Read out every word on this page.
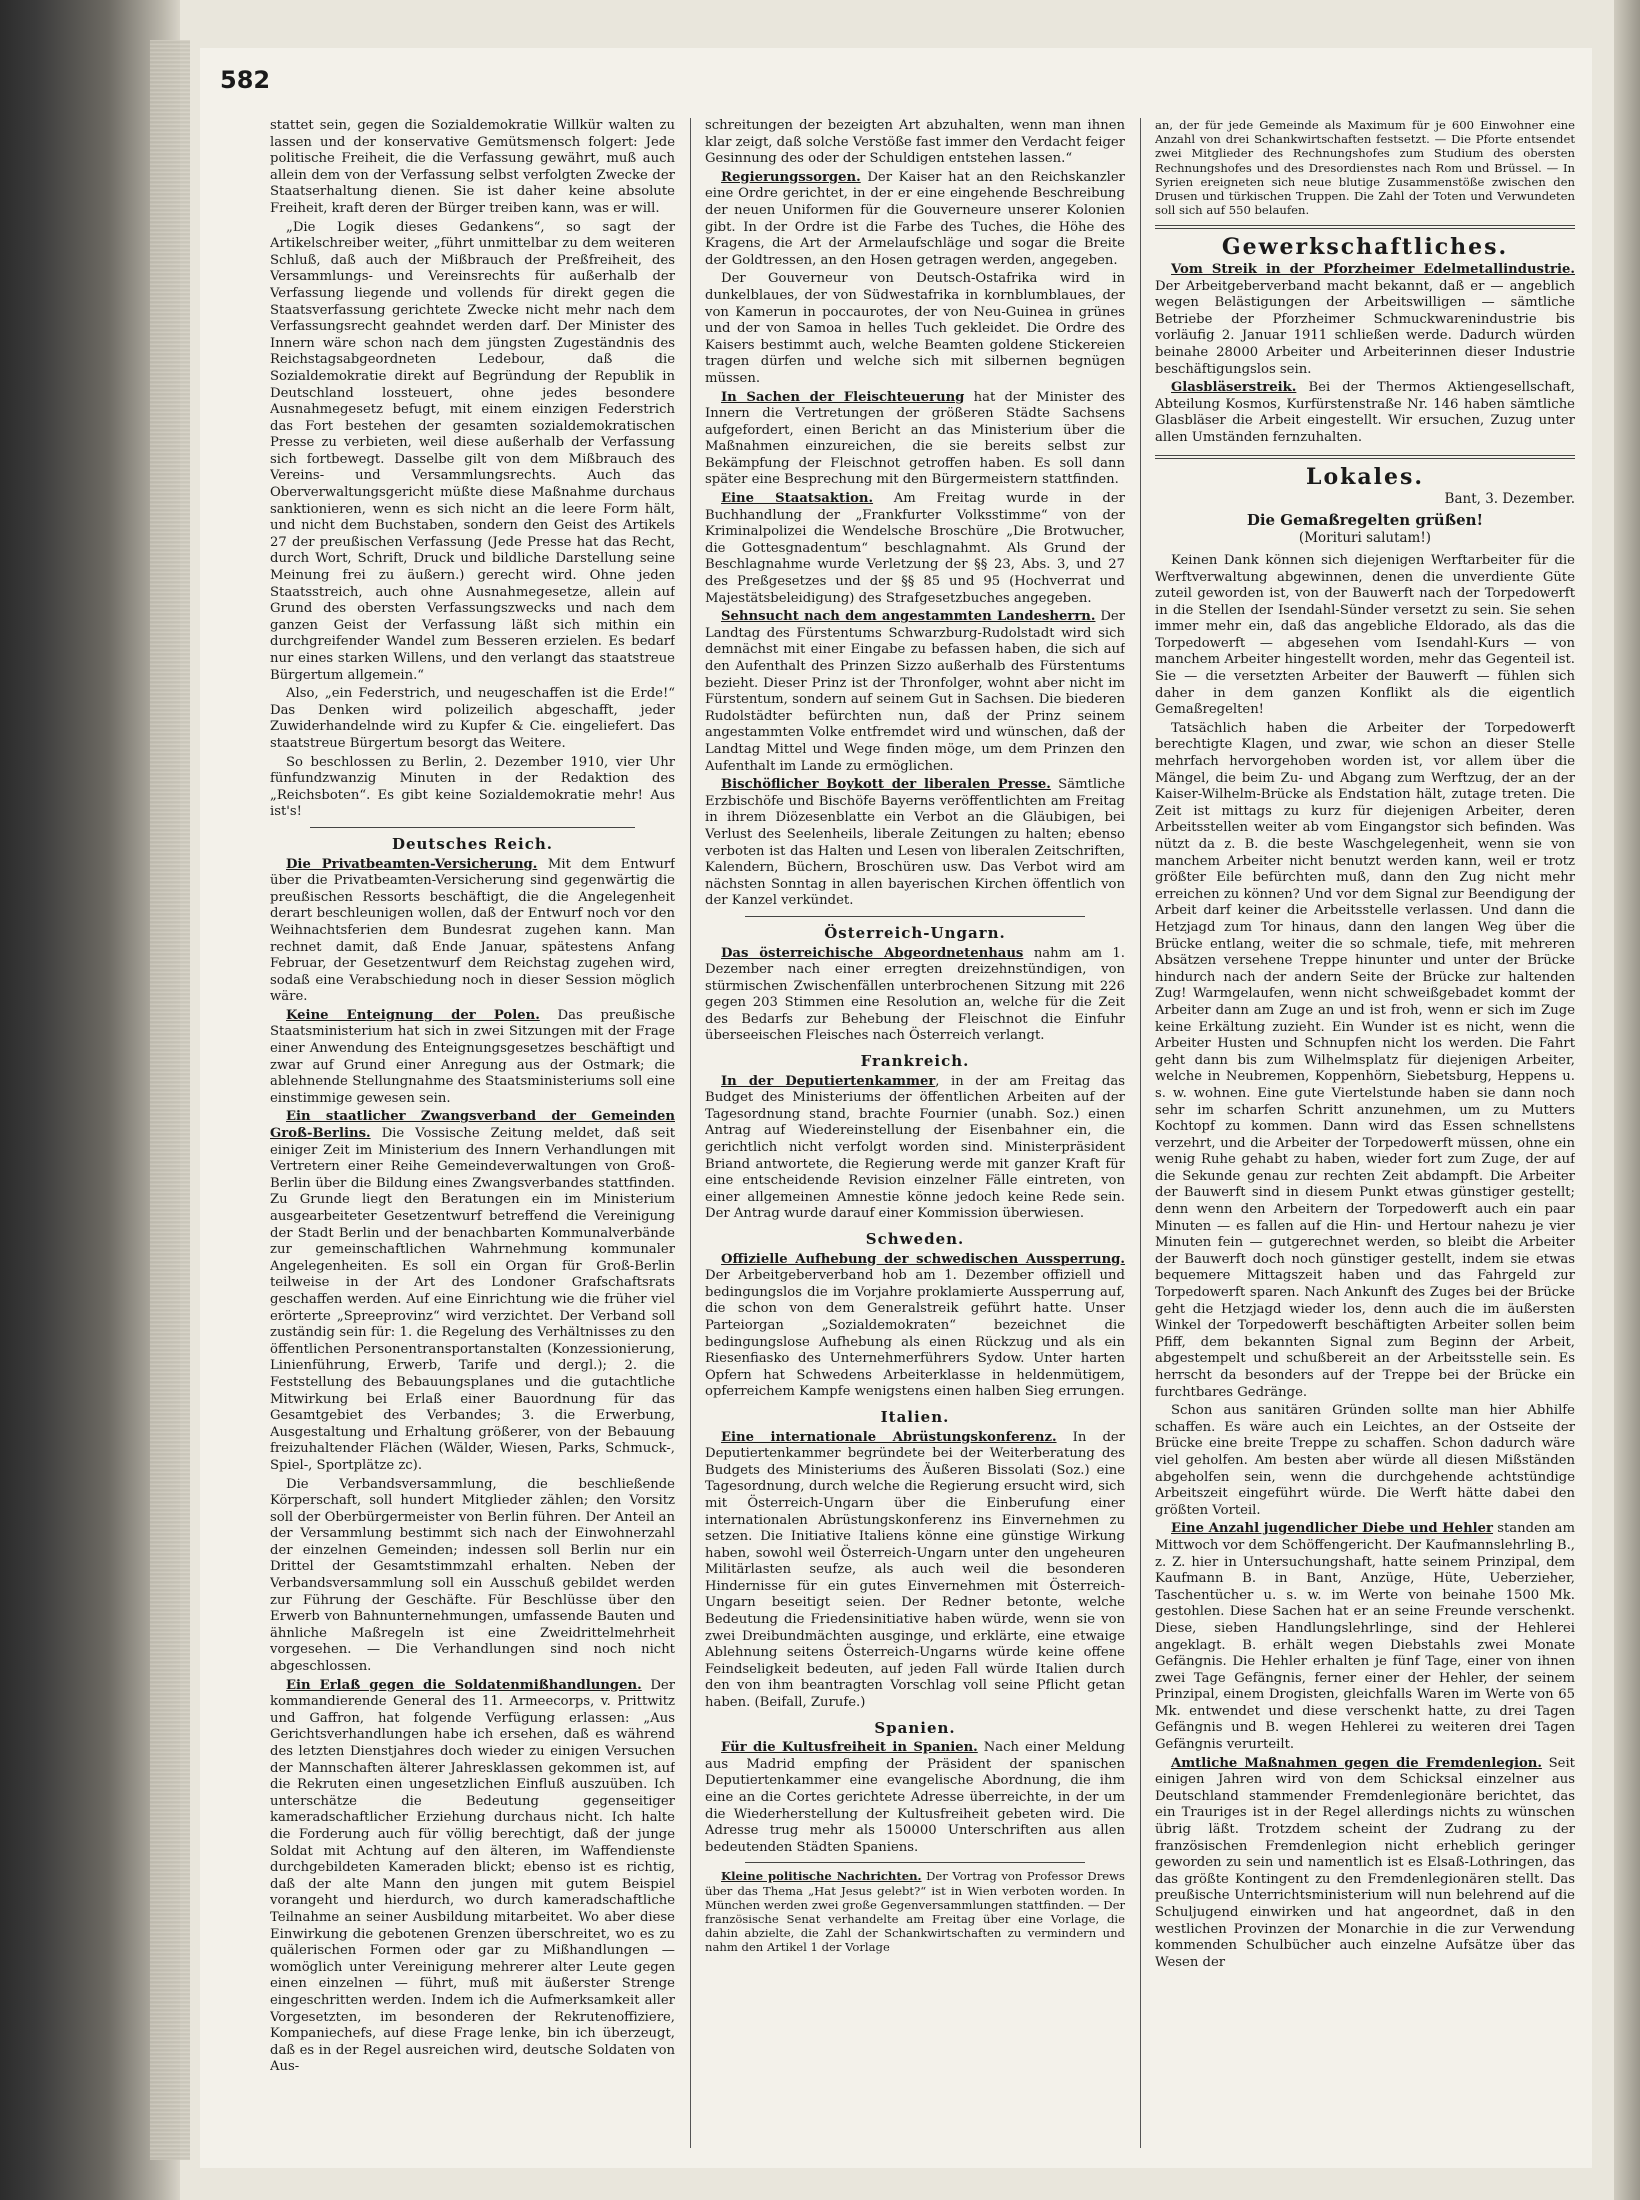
582

stattet sein, gegen die Sozialdemokratie Willkür walten zu lassen und der konservative Gemütsmensch folgert: Jede politische Freiheit, die die Verfassung gewährt, muß auch allein dem von der Verfassung selbst verfolgten Zwecke der Staatserhaltung dienen. Sie ist daher keine absolute Freiheit, kraft deren der Bürger treiben kann, was er will.

„Die Logik dieses Gedankens“, so sagt der Artikelschreiber weiter, „führt unmittelbar zu dem weiteren Schluß, daß auch der Mißbrauch der Preßfreiheit, des Versammlungs- und Vereinsrechts für außerhalb der Verfassung liegende und vollends für direkt gegen die Staatsverfassung gerichtete Zwecke nicht mehr nach dem Verfassungsrecht geahndet werden darf. Der Minister des Innern wäre schon nach dem jüngsten Zugeständnis des Reichstagsabgeordneten Ledebour, daß die Sozialdemokratie direkt auf Begründung der Republik in Deutschland lossteuert, ohne jedes besondere Ausnahmegesetz befugt, mit einem einzigen Federstrich das Fort bestehen der gesamten sozialdemokratischen Presse zu verbieten, weil diese außerhalb der Verfassung sich fortbewegt. Dasselbe gilt von dem Mißbrauch des Vereins- und Versammlungsrechts. Auch das Oberverwaltungsgericht müßte diese Maßnahme durchaus sanktionieren, wenn es sich nicht an die leere Form hält, und nicht dem Buchstaben, sondern den Geist des Artikels 27 der preußischen Verfassung (Jede Presse hat das Recht, durch Wort, Schrift, Druck und bildliche Darstellung seine Meinung frei zu äußern.) gerecht wird. Ohne jeden Staatsstreich, auch ohne Ausnahmegesetze, allein auf Grund des obersten Verfassungszwecks und nach dem ganzen Geist der Verfassung läßt sich mithin ein durchgreifender Wandel zum Besseren erzielen. Es bedarf nur eines starken Willens, und den verlangt das staatstreue Bürgertum allgemein.“

Also, „ein Federstrich, und neugeschaffen ist die Erde!“ Das Denken wird polizeilich abgeschafft, jeder Zuwiderhandelnde wird zu Kupfer & Cie. eingeliefert. Das staatstreue Bürgertum besorgt das Weitere.

So beschlossen zu Berlin, 2. Dezember 1910, vier Uhr fünfundzwanzig Minuten in der Redaktion des „Reichsboten“. Es gibt keine Sozialdemokratie mehr! Aus ist's!

Deutsches Reich.

Die Privatbeamten-Versicherung. Mit dem Entwurf über die Privatbeamten-Versicherung sind gegenwärtig die preußischen Ressorts beschäftigt, die die Angelegenheit derart beschleunigen wollen, daß der Entwurf noch vor den Weihnachtsferien dem Bundesrat zugehen kann. Man rechnet damit, daß Ende Januar, spätestens Anfang Februar, der Gesetzentwurf dem Reichstag zugehen wird, sodaß eine Verabschiedung noch in dieser Session möglich wäre.

Keine Enteignung der Polen. Das preußische Staatsministerium hat sich in zwei Sitzungen mit der Frage einer Anwendung des Enteignungsgesetzes beschäftigt und zwar auf Grund einer Anregung aus der Ostmark; die ablehnende Stellungnahme des Staatsministeriums soll eine einstimmige gewesen sein.

Ein staatlicher Zwangsverband der Gemeinden Groß-Berlins. Die Vossische Zeitung meldet, daß seit einiger Zeit im Ministerium des Innern Verhandlungen mit Vertretern einer Reihe Gemeindeverwaltungen von Groß-Berlin über die Bildung eines Zwangsverbandes stattfinden. Zu Grunde liegt den Beratungen ein im Ministerium ausgearbeiteter Gesetzentwurf betreffend die Vereinigung der Stadt Berlin und der benachbarten Kommunalverbände zur gemeinschaftlichen Wahrnehmung kommunaler Angelegenheiten. Es soll ein Organ für Groß-Berlin teilweise in der Art des Londoner Grafschaftsrats geschaffen werden. Auf eine Einrichtung wie die früher viel erörterte „Spreeprovinz“ wird verzichtet. Der Verband soll zuständig sein für: 1. die Regelung des Verhältnisses zu den öffentlichen Personentransportanstalten (Konzessionierung, Linienführung, Erwerb, Tarife und dergl.); 2. die Feststellung des Bebauungsplanes und die gutachtliche Mitwirkung bei Erlaß einer Bauordnung für das Gesamtgebiet des Verbandes; 3. die Erwerbung, Ausgestaltung und Erhaltung größerer, von der Bebauung freizuhaltender Flächen (Wälder, Wiesen, Parks, Schmuck-, Spiel-, Sportplätze zc).

Die Verbandsversammlung, die beschließende Körperschaft, soll hundert Mitglieder zählen; den Vorsitz soll der Oberbürgermeister von Berlin führen. Der Anteil an der Versammlung bestimmt sich nach der Einwohnerzahl der einzelnen Gemeinden; indessen soll Berlin nur ein Drittel der Gesamtstimmzahl erhalten. Neben der Verbandsversammlung soll ein Ausschuß gebildet werden zur Führung der Geschäfte. Für Beschlüsse über den Erwerb von Bahnunternehmungen, umfassende Bauten und ähnliche Maßregeln ist eine Zweidrittelmehrheit vorgesehen. — Die Verhandlungen sind noch nicht abgeschlossen.

Ein Erlaß gegen die Soldatenmißhandlungen. Der kommandierende General des 11. Armeecorps, v. Prittwitz und Gaffron, hat folgende Verfügung erlassen: „Aus Gerichtsverhandlungen habe ich ersehen, daß es während des letzten Dienstjahres doch wieder zu einigen Versuchen der Mannschaften älterer Jahresklassen gekommen ist, auf die Rekruten einen ungesetzlichen Einfluß auszuüben. Ich unterschätze die Bedeutung gegenseitiger kameradschaftlicher Erziehung durchaus nicht. Ich halte die Forderung auch für völlig berechtigt, daß der junge Soldat mit Achtung auf den älteren, im Waffendienste durchgebildeten Kameraden blickt; ebenso ist es richtig, daß der alte Mann den jungen mit gutem Beispiel vorangeht und hierdurch, wo durch kameradschaftliche Teilnahme an seiner Ausbildung mitarbeitet. Wo aber diese Einwirkung die gebotenen Grenzen überschreitet, wo es zu quälerischen Formen oder gar zu Mißhandlungen — womöglich unter Vereinigung mehrerer alter Leute gegen einen einzelnen — führt, muß mit äußerster Strenge eingeschritten werden. Indem ich die Aufmerksamkeit aller Vorgesetzten, im besonderen der Rekrutenoffiziere, Kompaniechefs, auf diese Frage lenke, bin ich überzeugt, daß es in der Regel ausreichen wird, deutsche Soldaten von Aus-

schreitungen der bezeigten Art abzuhalten, wenn man ihnen klar zeigt, daß solche Verstöße fast immer den Verdacht feiger Gesinnung des oder der Schuldigen entstehen lassen.“

Regierungssorgen. Der Kaiser hat an den Reichskanzler eine Ordre gerichtet, in der er eine eingehende Beschreibung der neuen Uniformen für die Gouverneure unserer Kolonien gibt. In der Ordre ist die Farbe des Tuches, die Höhe des Kragens, die Art der Armelaufschläge und sogar die Breite der Goldtressen, an den Hosen getragen werden, angegeben.

Der Gouverneur von Deutsch-Ostafrika wird in dunkelblaues, der von Südwestafrika in kornblumblaues, der von Kamerun in poccaurotes, der von Neu-Guinea in grünes und der von Samoa in helles Tuch gekleidet. Die Ordre des Kaisers bestimmt auch, welche Beamten goldene Stickereien tragen dürfen und welche sich mit silbernen begnügen müssen.

In Sachen der Fleischteuerung hat der Minister des Innern die Vertretungen der größeren Städte Sachsens aufgefordert, einen Bericht an das Ministerium über die Maßnahmen einzureichen, die sie bereits selbst zur Bekämpfung der Fleischnot getroffen haben. Es soll dann später eine Besprechung mit den Bürgermeistern stattfinden.

Eine Staatsaktion. Am Freitag wurde in der Buchhandlung der „Frankfurter Volksstimme“ von der Kriminalpolizei die Wendelsche Broschüre „Die Brotwucher, die Gottesgnadentum“ beschlagnahmt. Als Grund der Beschlagnahme wurde Verletzung der §§ 23, Abs. 3, und 27 des Preßgesetzes und der §§ 85 und 95 (Hochverrat und Majestätsbeleidigung) des Strafgesetzbuches angegeben.

Sehnsucht nach dem angestammten Landesherrn. Der Landtag des Fürstentums Schwarzburg-Rudolstadt wird sich demnächst mit einer Eingabe zu befassen haben, die sich auf den Aufenthalt des Prinzen Sizzo außerhalb des Fürstentums bezieht. Dieser Prinz ist der Thronfolger, wohnt aber nicht im Fürstentum, sondern auf seinem Gut in Sachsen. Die biederen Rudolstädter befürchten nun, daß der Prinz seinem angestammten Volke entfremdet wird und wünschen, daß der Landtag Mittel und Wege finden möge, um dem Prinzen den Aufenthalt im Lande zu ermöglichen.

Bischöflicher Boykott der liberalen Presse. Sämtliche Erzbischöfe und Bischöfe Bayerns veröffentlichten am Freitag in ihrem Diözesenblatte ein Verbot an die Gläubigen, bei Verlust des Seelenheils, liberale Zeitungen zu halten; ebenso verboten ist das Halten und Lesen von liberalen Zeitschriften, Kalendern, Büchern, Broschüren usw. Das Verbot wird am nächsten Sonntag in allen bayerischen Kirchen öffentlich von der Kanzel verkündet.

Österreich-Ungarn.

Das österreichische Abgeordnetenhaus nahm am 1. Dezember nach einer erregten dreizehnstündigen, von stürmischen Zwischenfällen unterbrochenen Sitzung mit 226 gegen 203 Stimmen eine Resolution an, welche für die Zeit des Bedarfs zur Behebung der Fleischnot die Einfuhr überseeischen Fleisches nach Österreich verlangt.

Frankreich.

In der Deputiertenkammer, in der am Freitag das Budget des Ministeriums der öffentlichen Arbeiten auf der Tagesordnung stand, brachte Fournier (unabh. Soz.) einen Antrag auf Wiedereinstellung der Eisenbahner ein, die gerichtlich nicht verfolgt worden sind. Ministerpräsident Briand antwortete, die Regierung werde mit ganzer Kraft für eine entscheidende Revision einzelner Fälle eintreten, von einer allgemeinen Amnestie könne jedoch keine Rede sein. Der Antrag wurde darauf einer Kommission überwiesen.

Schweden.

Offizielle Aufhebung der schwedischen Aussperrung. Der Arbeitgeberverband hob am 1. Dezember offiziell und bedingungslos die im Vorjahre proklamierte Aussperrung auf, die schon von dem Generalstreik geführt hatte. Unser Parteiorgan „Sozialdemokraten“ bezeichnet die bedingungslose Aufhebung als einen Rückzug und als ein Riesenfiasko des Unternehmerführers Sydow. Unter harten Opfern hat Schwedens Arbeiterklasse in heldenmütigem, opferreichem Kampfe wenigstens einen halben Sieg errungen.

Italien.

Eine internationale Abrüstungskonferenz. In der Deputiertenkammer begründete bei der Weiterberatung des Budgets des Ministeriums des Äußeren Bissolati (Soz.) eine Tagesordnung, durch welche die Regierung ersucht wird, sich mit Österreich-Ungarn über die Einberufung einer internationalen Abrüstungskonferenz ins Einvernehmen zu setzen. Die Initiative Italiens könne eine günstige Wirkung haben, sowohl weil Österreich-Ungarn unter den ungeheuren Militärlasten seufze, als auch weil die besonderen Hindernisse für ein gutes Einvernehmen mit Österreich-Ungarn beseitigt seien. Der Redner betonte, welche Bedeutung die Friedensinitiative haben würde, wenn sie von zwei Dreibundmächten ausginge, und erklärte, eine etwaige Ablehnung seitens Österreich-Ungarns würde keine offene Feindseligkeit bedeuten, auf jeden Fall würde Italien durch den von ihm beantragten Vorschlag voll seine Pflicht getan haben. (Beifall, Zurufe.)

Spanien.

Für die Kultusfreiheit in Spanien. Nach einer Meldung aus Madrid empfing der Präsident der spanischen Deputiertenkammer eine evangelische Abordnung, die ihm eine an die Cortes gerichtete Adresse überreichte, in der um die Wiederherstellung der Kultusfreiheit gebeten wird. Die Adresse trug mehr als 150000 Unterschriften aus allen bedeutenden Städten Spaniens.

Kleine politische Nachrichten. Der Vortrag von Professor Drews über das Thema „Hat Jesus gelebt?“ ist in Wien verboten worden. In München werden zwei große Gegenversammlungen stattfinden. — Der französische Senat verhandelte am Freitag über eine Vorlage, die dahin abzielte, die Zahl der Schankwirtschaften zu vermindern und nahm den Artikel 1 der Vorlage

an, der für jede Gemeinde als Maximum für je 600 Einwohner eine Anzahl von drei Schankwirtschaften festsetzt. — Die Pforte entsendet zwei Mitglieder des Rechnungshofes zum Studium des obersten Rechnungshofes und des Dresordienstes nach Rom und Brüssel. — In Syrien ereigneten sich neue blutige Zusammenstöße zwischen den Drusen und türkischen Truppen. Die Zahl der Toten und Verwundeten soll sich auf 550 belaufen.

Gewerkschaftliches.

Vom Streik in der Pforzheimer Edelmetallindustrie. Der Arbeitgeberverband macht bekannt, daß er — angeblich wegen Belästigungen der Arbeitswilligen — sämtliche Betriebe der Pforzheimer Schmuckwarenindustrie bis vorläufig 2. Januar 1911 schließen werde. Dadurch würden beinahe 28000 Arbeiter und Arbeiterinnen dieser Industrie beschäftigungslos sein.

Glasbläserstreik. Bei der Thermos Aktiengesellschaft, Abteilung Kosmos, Kurfürstenstraße Nr. 146 haben sämtliche Glasbläser die Arbeit eingestellt. Wir ersuchen, Zuzug unter allen Umständen fernzuhalten.

Lokales.

Bant, 3. Dezember.

Die Gemaßregelten grüßen!

(Morituri salutam!)

Keinen Dank können sich diejenigen Werftarbeiter für die Werftverwaltung abgewinnen, denen die unverdiente Güte zuteil geworden ist, von der Bauwerft nach der Torpedowerft in die Stellen der Isendahl-Sünder versetzt zu sein. Sie sehen immer mehr ein, daß das angebliche Eldorado, als das die Torpedowerft — abgesehen vom Isendahl-Kurs — von manchem Arbeiter hingestellt worden, mehr das Gegenteil ist. Sie — die versetzten Arbeiter der Bauwerft — fühlen sich daher in dem ganzen Konflikt als die eigentlich Gemaßregelten!

Tatsächlich haben die Arbeiter der Torpedowerft berechtigte Klagen, und zwar, wie schon an dieser Stelle mehrfach hervorgehoben worden ist, vor allem über die Mängel, die beim Zu- und Abgang zum Werftzug, der an der Kaiser-Wilhelm-Brücke als Endstation hält, zutage treten. Die Zeit ist mittags zu kurz für diejenigen Arbeiter, deren Arbeitsstellen weiter ab vom Eingangstor sich befinden. Was nützt da z. B. die beste Waschgelegenheit, wenn sie von manchem Arbeiter nicht benutzt werden kann, weil er trotz größter Eile befürchten muß, dann den Zug nicht mehr erreichen zu können? Und vor dem Signal zur Beendigung der Arbeit darf keiner die Arbeitsstelle verlassen. Und dann die Hetzjagd zum Tor hinaus, dann den langen Weg über die Brücke entlang, weiter die so schmale, tiefe, mit mehreren Absätzen versehene Treppe hinunter und unter der Brücke hindurch nach der andern Seite der Brücke zur haltenden Zug! Warmgelaufen, wenn nicht schweißgebadet kommt der Arbeiter dann am Zuge an und ist froh, wenn er sich im Zuge keine Erkältung zuzieht. Ein Wunder ist es nicht, wenn die Arbeiter Husten und Schnupfen nicht los werden. Die Fahrt geht dann bis zum Wilhelmsplatz für diejenigen Arbeiter, welche in Neubremen, Koppenhörn, Siebetsburg, Heppens u. s. w. wohnen. Eine gute Viertelstunde haben sie dann noch sehr im scharfen Schritt anzunehmen, um zu Mutters Kochtopf zu kommen. Dann wird das Essen schnellstens verzehrt, und die Arbeiter der Torpedowerft müssen, ohne ein wenig Ruhe gehabt zu haben, wieder fort zum Zuge, der auf die Sekunde genau zur rechten Zeit abdampft. Die Arbeiter der Bauwerft sind in diesem Punkt etwas günstiger gestellt; denn wenn den Arbeitern der Torpedowerft auch ein paar Minuten — es fallen auf die Hin- und Hertour nahezu je vier Minuten fein — gutgerechnet werden, so bleibt die Arbeiter der Bauwerft doch noch günstiger gestellt, indem sie etwas bequemere Mittagszeit haben und das Fahrgeld zur Torpedowerft sparen. Nach Ankunft des Zuges bei der Brücke geht die Hetzjagd wieder los, denn auch die im äußersten Winkel der Torpedowerft beschäftigten Arbeiter sollen beim Pfiff, dem bekannten Signal zum Beginn der Arbeit, abgestempelt und schußbereit an der Arbeitsstelle sein. Es herrscht da besonders auf der Treppe bei der Brücke ein furchtbares Gedränge.

Schon aus sanitären Gründen sollte man hier Abhilfe schaffen. Es wäre auch ein Leichtes, an der Ostseite der Brücke eine breite Treppe zu schaffen. Schon dadurch wäre viel geholfen. Am besten aber würde all diesen Mißständen abgeholfen sein, wenn die durchgehende achtstündige Arbeitszeit eingeführt würde. Die Werft hätte dabei den größten Vorteil.

Eine Anzahl jugendlicher Diebe und Hehler standen am Mittwoch vor dem Schöffengericht. Der Kaufmannslehrling B., z. Z. hier in Untersuchungshaft, hatte seinem Prinzipal, dem Kaufmann B. in Bant, Anzüge, Hüte, Ueberzieher, Taschentücher u. s. w. im Werte von beinahe 1500 Mk. gestohlen. Diese Sachen hat er an seine Freunde verschenkt. Diese, sieben Handlungslehrlinge, sind der Hehlerei angeklagt. B. erhält wegen Diebstahls zwei Monate Gefängnis. Die Hehler erhalten je fünf Tage, einer von ihnen zwei Tage Gefängnis, ferner einer der Hehler, der seinem Prinzipal, einem Drogisten, gleichfalls Waren im Werte von 65 Mk. entwendet und diese verschenkt hatte, zu drei Tagen Gefängnis und B. wegen Hehlerei zu weiteren drei Tagen Gefängnis verurteilt.

Amtliche Maßnahmen gegen die Fremdenlegion. Seit einigen Jahren wird von dem Schicksal einzelner aus Deutschland stammender Fremdenlegionäre berichtet, das ein Trauriges ist in der Regel allerdings nichts zu wünschen übrig läßt. Trotzdem scheint der Zudrang zu der französischen Fremdenlegion nicht erheblich geringer geworden zu sein und namentlich ist es Elsaß-Lothringen, das das größte Kontingent zu den Fremdenlegionären stellt. Das preußische Unterrichtsministerium will nun belehrend auf die Schuljugend einwirken und hat angeordnet, daß in den westlichen Provinzen der Monarchie in die zur Verwendung kommenden Schulbücher auch einzelne Aufsätze über das Wesen der
